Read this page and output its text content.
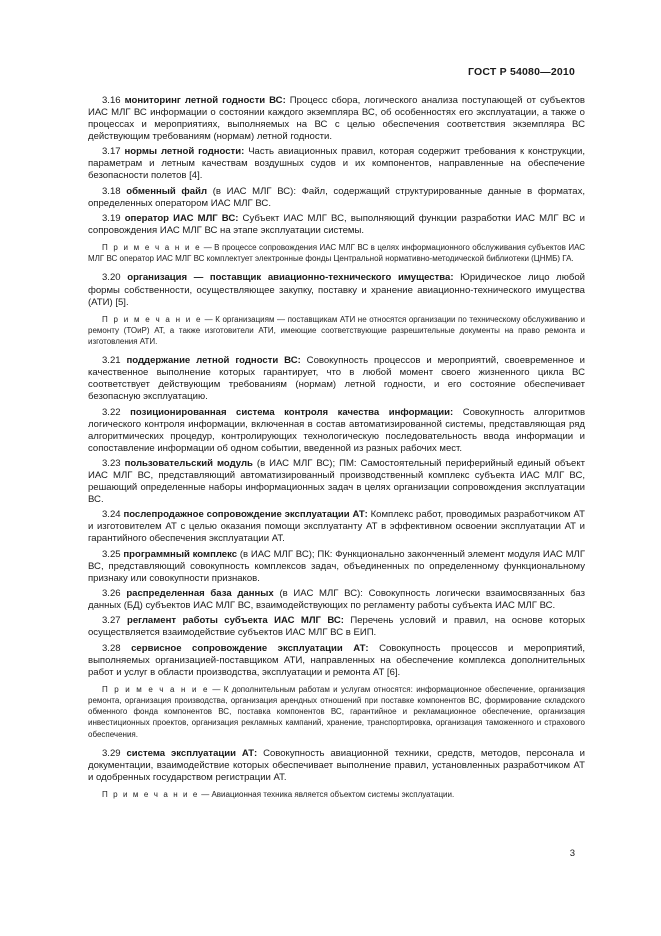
ГОСТ Р 54080—2010

3.16 мониторинг летной годности ВС: Процесс сбора, логического анализа поступающей от субъектов ИАС МЛГ ВС информации о состоянии каждого экземпляра ВС, об особенностях его эксплуатации, а также о процессах и мероприятиях, выполняемых на ВС с целью обеспечения соответствия экземпляра ВС действующим требованиям (нормам) летной годности.

3.17 нормы летной годности: Часть авиационных правил, которая содержит требования к конструкции, параметрам и летным качествам воздушных судов и их компонентов, направленные на обеспечение безопасности полетов [4].

3.18 обменный файл (в ИАС МЛГ ВС): Файл, содержащий структурированные данные в форматах, определенных оператором ИАС МЛГ ВС.

3.19 оператор ИАС МЛГ ВС: Субъект ИАС МЛГ ВС, выполняющий функции разработки ИАС МЛГ ВС и сопровождения ИАС МЛГ ВС на этапе эксплуатации системы.

П р и м е ч а н и е — В процессе сопровождения ИАС МЛГ ВС в целях информационного обслуживания субъектов ИАС МЛГ ВС оператор ИАС МЛГ ВС комплектует электронные фонды Центральной нормативно-методической библиотеки (ЦНМБ) ГА.

3.20 организация — поставщик авиационно-технического имущества: Юридическое лицо любой формы собственности, осуществляющее закупку, поставку и хранение авиационно-технического имущества (АТИ) [5].

П р и м е ч а н и е — К организациям — поставщикам АТИ не относятся организации по техническому обслуживанию и ремонту (ТОиР) АТ, а также изготовители АТИ, имеющие соответствующие разрешительные документы на право ремонта и изготовления АТИ.

3.21 поддержание летной годности ВС: Совокупность процессов и мероприятий, своевременное и качественное выполнение которых гарантирует, что в любой момент своего жизненного цикла ВС соответствует действующим требованиям (нормам) летной годности, и его состояние обеспечивает безопасную эксплуатацию.

3.22 позиционированная система контроля качества информации: Совокупность алгоритмов логического контроля информации, включенная в состав автоматизированной системы, представляющая ряд алгоритмических процедур, контролирующих технологическую последовательность ввода информации и сопоставление информации об одном событии, введенной из разных рабочих мест.

3.23 пользовательский модуль (в ИАС МЛГ ВС); ПМ: Самостоятельный периферийный единый объект ИАС МЛГ ВС, представляющий автоматизированный производственный комплекс субъекта ИАС МЛГ ВС, решающий определенные наборы информационных задач в целях организации сопровождения эксплуатации ВС.

3.24 послепродажное сопровождение эксплуатации АТ: Комплекс работ, проводимых разработчиком АТ и изготовителем АТ с целью оказания помощи эксплуатанту АТ в эффективном освоении эксплуатации АТ и гарантийного обеспечения эксплуатации АТ.

3.25 программный комплекс (в ИАС МЛГ ВС); ПК: Функционально законченный элемент модуля ИАС МЛГ ВС, представляющий совокупность комплексов задач, объединенных по определенному функциональному признаку или совокупности признаков.

3.26 распределенная база данных (в ИАС МЛГ ВС): Совокупность логически взаимосвязанных баз данных (БД) субъектов ИАС МЛГ ВС, взаимодействующих по регламенту работы субъекта ИАС МЛГ ВС.

3.27 регламент работы субъекта ИАС МЛГ ВС: Перечень условий и правил, на основе которых осуществляется взаимодействие субъектов ИАС МЛГ ВС в ЕИП.

3.28 сервисное сопровождение эксплуатации АТ: Совокупность процессов и мероприятий, выполняемых организацией-поставщиком АТИ, направленных на обеспечение комплекса дополнительных работ и услуг в области производства, эксплуатации и ремонта АТ [6].

П р и м е ч а н и е — К дополнительным работам и услугам относятся: информационное обеспечение, организация ремонта, организация производства, организация арендных отношений при поставке компонентов ВС, формирование складского обменного фонда компонентов ВС, поставка компонентов ВС, гарантийное и рекламационное обеспечение, организация инвестиционных проектов, организация рекламных кампаний, хранение, транспортировка, организация таможенного и страхового обеспечения.

3.29 система эксплуатации АТ: Совокупность авиационной техники, средств, методов, персонала и документации, взаимодействие которых обеспечивает выполнение правил, установленных разработчиком АТ и одобренных государством регистрации АТ.

П р и м е ч а н и е — Авиационная техника является объектом системы эксплуатации.

3
